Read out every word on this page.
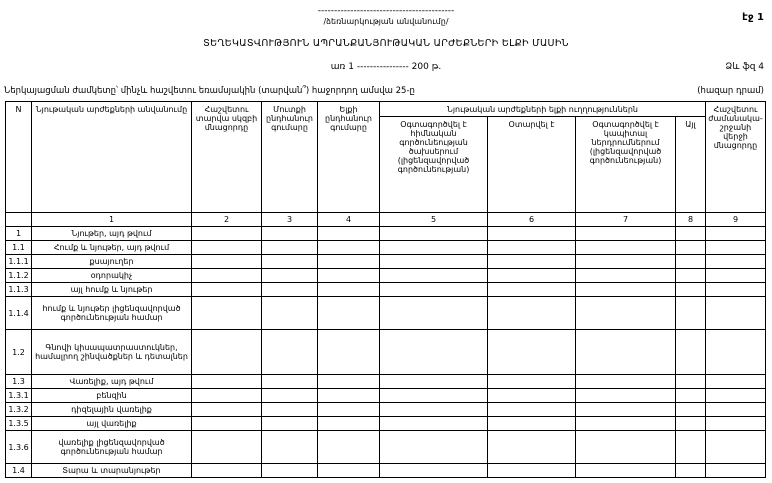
էջ 1
------------------------------------------
/ձեռնարկության անվանումը/
ՏԵՂԵԿԱՏՎՈՒԹՅՈՒՆ ԱՊՐԱՆՔԱՆՅՈՒԹԱԿԱՆ ԱՐԺԵՔՆԵՐԻ ԵԼՔԻ ՄԱՍԻՆ
Ձև ֆզ 4
առ 1 ---------------- 200 թ.
Ներկայացման ժամկետը՝ մինչև հաշվետու եռամսյակին (տարվան՞) հաջորդող ամսվա 25-ը	(հազար դրամ)
N	Նյութական արժեքների անվանումը	Հաշվետու տարվա սկզբի մնացորդը	Մուտքի ընդհանուր գումարը	Ելքի ընդհանուր գումարը	Նյութական արժեքների ելքի ուղղություններն				Հաշվետու ժամանակա-շրջանի վերջի մնացորդը
					Օգտագործվել է հիմնական գործունեության ծախսերում (լիցենզավորված գործունեության)	Օտարվել է	Օգտագործվել է կապիտալ ներդրումներում (լիցենզավորված գործունեության)	Այլ	
	1	2	3	4	5	6	7	8	9
1	Նյութեր, այդ թվում								
1.1	Հումք և նյութեր, այդ թվում								
1.1.1	քսայուղեր								
1.1.2	օդորակիչ								
1.1.3	այլ հումք և նյութեր								
1.1.4	հումք և նյութեր լիցենզավորված գործունեության համար								
1.2	Գնովի կիսապատրաստուկներ, համալրող շինվածքներ և դետալներ								
1.3	Վառելիք, այդ թվում								
1.3.1	բենզին								
1.3.2	դիզելային վառելիք								
1.3.5	այլ վառելիք								
1.3.6	վառելիք լիցենզավորված գործունեության համար								
1.4	Տարա և տարանյութեր								
